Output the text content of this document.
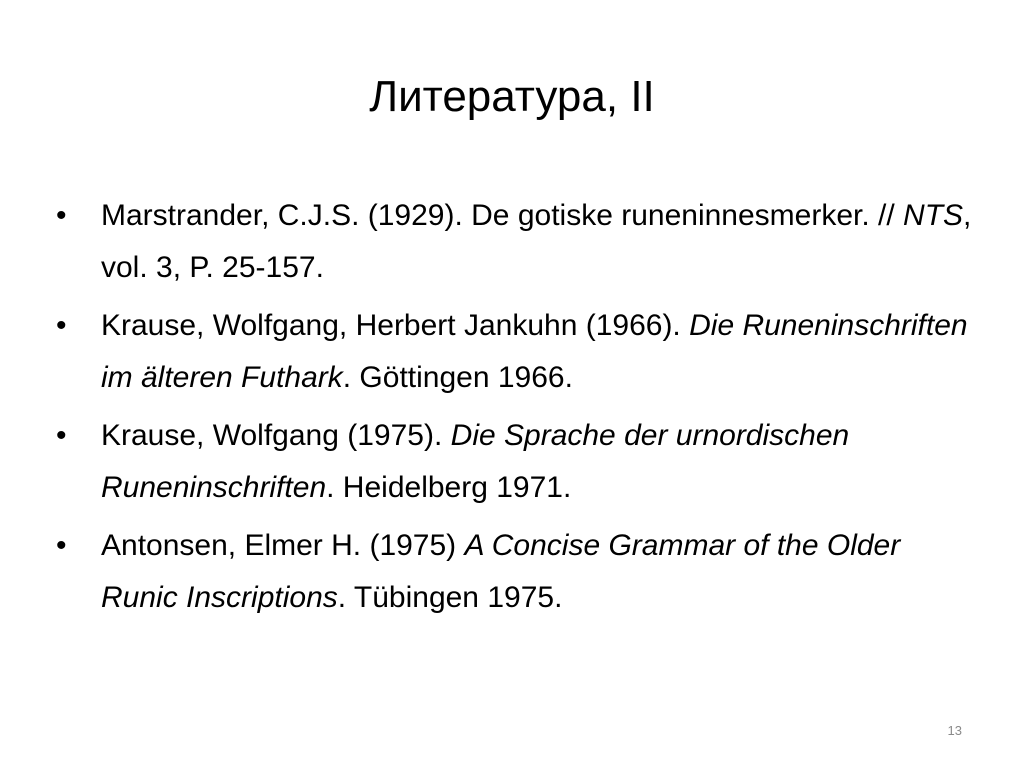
Литература, II
•	Marstrander, C.J.S. (1929). De gotiske runeninnesmerker. // NTS, vol. 3, P. 25-157.
•	Krause, Wolfgang, Herbert Jankuhn (1966). Die Runeninschriften im älteren Futhark. Göttingen 1966.
•	Krause, Wolfgang (1975). Die Sprache der urnordischen Runeninschriften. Heidelberg 1971.
•	Antonsen, Elmer H. (1975) A Concise Grammar of the Older Runic Inscriptions. Tübingen 1975.
13
